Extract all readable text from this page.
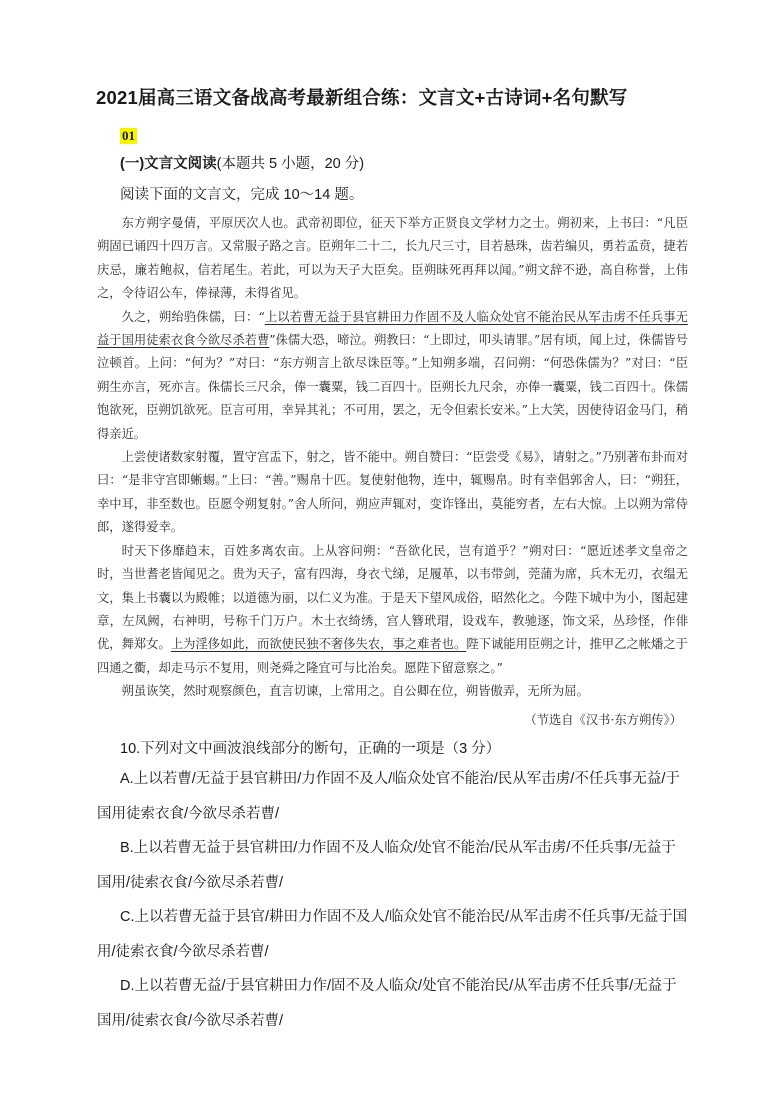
2021届高三语文备战高考最新组合练：文言文+古诗词+名句默写
01
(一)文言文阅读(本题共 5 小题，20 分)
阅读下面的文言文，完成 10～14 题。

东方朔字曼倩，平原厌次人也。武帝初即位，征天下举方正贤良文学材力之士。朔初来，上书曰：“凡臣朔固已诵四十四万言。又常服子路之言。臣朔年二十二，长九尺三寸，目若悬珠，齿若编贝，勇若孟贲，捷若庆忌，廉若鲍叔，信若尾生。若此，可以为天子大臣矣。臣朔昧死再拜以闻。”朔文辞不逊，高自称誉，上伟之，令待诏公车，俸禄薄，未得省见。

久之，朔绐驺侏儒，曰：“上以若曹无益于县官耕田力作固不及人临众处官不能治民从军击虏不任兵事无益于国用徒索衣食今欲尽杀若曹”侏儒大恐，啼泣。朔教曰：“上即过，叩头请罪。”居有顷，闻上过，侏儒皆号泣顿首。上问：“何为？”对曰：“东方朔言上欲尽诛臣等。”上知朔多端，召问朔：“何恐侏儒为？”对曰：“臣朔生亦言，死亦言。侏儒长三尺余，俸一囊粟，钱二百四十。臣朔长九尺余，亦俸一囊粟，钱二百四十。侏儒饱欲死，臣朔饥欲死。臣言可用，幸异其礼；不可用，罢之，无令但索长安米。”上大笑，因使待诏金马门，稍得亲近。

上尝使诸数家射覆，置守宫盂下，射之，皆不能中。朔自赞曰：“臣尝受《易》，请射之。”乃别著布卦而对曰：“是非守宫即蜥蜴。”上曰：“善。”赐帛十匹。复使射他物，连中，辄赐帛。时有幸倡郭舍人，曰：“朔狂，幸中耳，非至数也。臣愿令朔复射。”舍人所问，朔应声辄对，变诈锋出，莫能穷者，左右大惊。上以朔为常侍郎，遂得爱幸。

时天下侈靡趋末，百姓多离农亩。上从容问朔：“吾欲化民，岂有道乎？”朔对曰：“愿近述孝文皇帝之时，当世耆老皆闻见之。贵为天子，富有四海，身衣弋绨，足履革，以韦带剑，莞蒲为席，兵木无刃，衣缊无文，集上书囊以为殿帷；以道德为丽，以仁义为准。于是天下望风成俗，昭然化之。今陛下城中为小，图起建章，左凤阙，右神明，号称千门万户。木土衣绮绣，宫人簪玳瑁，设戏车，教驰逐，饰文采，丛珍怪，作俳优，舞郑女。上为淫侈如此，而欲使民独不奢侈失农，事之难者也。陛下诚能用臣朔之计，推甲乙之帐燔之于四通之衢，却走马示不复用，则尧舜之隆宜可与比治矣。愿陛下留意察之。”

朔虽诙笑，然时观察颜色，直言切谏，上常用之。自公卿在位，朔皆傲弄，无所为屈。

（节选自《汉书·东方朔传》）
10.下列对文中画波浪线部分的断句，正确的一项是（3 分）

A.上以若曹/无益于县官耕田/力作固不及人/临众处官不能治/民从军击虏/不任兵事无益/于国用徒索衣食/今欲尽杀若曹/

B.上以若曹无益于县官耕田/力作固不及人临众/处官不能治/民从军击虏/不任兵事/无益于国用/徒索衣食/今欲尽杀若曹/

C.上以若曹无益于县官/耕田力作固不及人/临众处官不能治民/从军击虏不任兵事/无益于国用/徒索衣食/今欲尽杀若曹/

D.上以若曹无益/于县官耕田力作/固不及人临众/处官不能治民/从军击虏不任兵事/无益于国用/徒索衣食/今欲尽杀若曹/
